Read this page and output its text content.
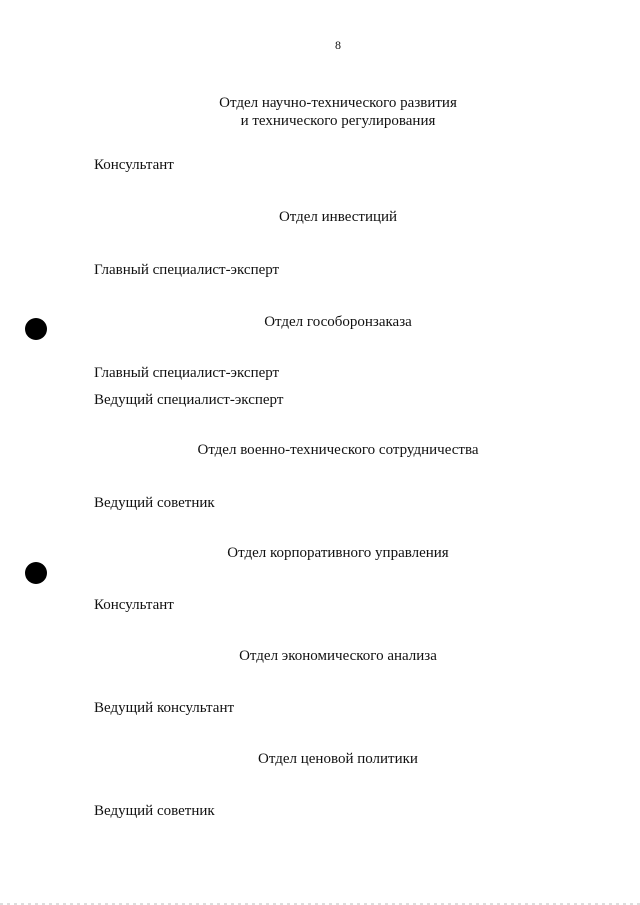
8
Отдел научно-технического развития
и технического регулирования
Консультант
Отдел инвестиций
Главный специалист-эксперт
Отдел гособоронзаказа
Главный специалист-эксперт
Ведущий специалист-эксперт
Отдел военно-технического сотрудничества
Ведущий советник
Отдел корпоративного управления
Консультант
Отдел экономического анализа
Ведущий консультант
Отдел ценовой политики
Ведущий советник
